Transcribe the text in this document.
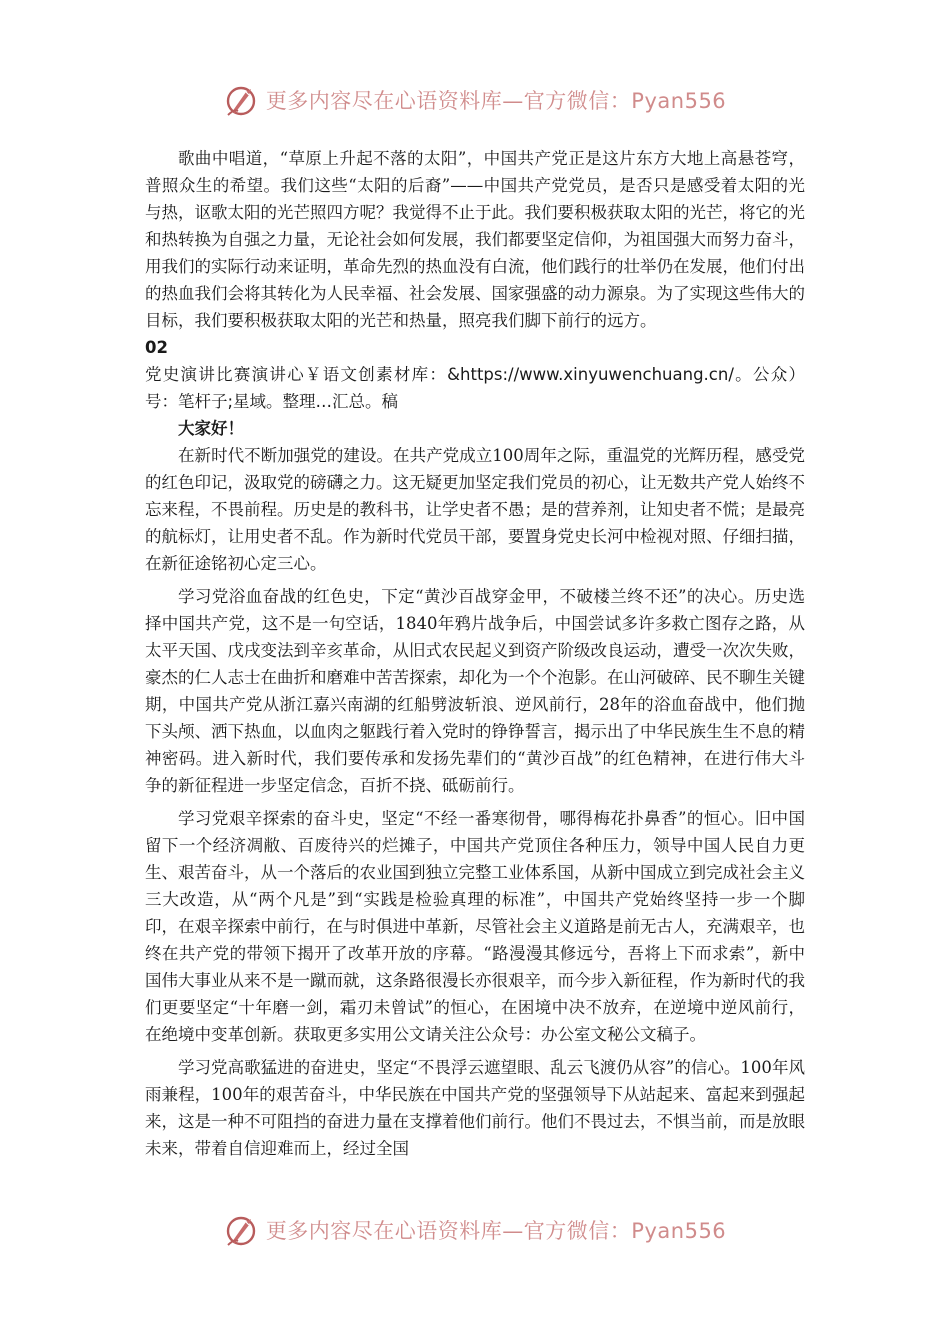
更多内容尽在心语资料库—官方微信：Pyan556

歌曲中唱道，“草原上升起不落的太阳”，中国共产党正是这片东方大地上高悬苍穹，普照众生的希望。我们这些“太阳的后裔”——中国共产党党员，是否只是感受着太阳的光与热，讴歌太阳的光芒照四方呢？我觉得不止于此。我们要积极获取太阳的光芒，将它的光和热转换为自强之力量，无论社会如何发展，我们都要坚定信仰，为祖国强大而努力奋斗，用我们的实际行动来证明，革命先烈的热血没有白流，他们践行的壮举仍在发展，他们付出的热血我们会将其转化为人民幸福、社会发展、国家强盛的动力源泉。为了实现这些伟大的目标，我们要积极获取太阳的光芒和热量，照亮我们脚下前行的远方。

02

党史演讲比赛演讲心￥语文创素材库：&https://www.xinyuwenchuang.cn/。公众）号：笔杆子;星域。整理…汇总。稿

大家好！

在新时代不断加强党的建设。在共产党成立100周年之际，重温党的光辉历程，感受党的红色印记，汲取党的磅礴之力。这无疑更加坚定我们党员的初心，让无数共产党人始终不忘来程，不畏前程。历史是的教科书，让学史者不愚；是的营养剂，让知史者不慌；是最亮的航标灯，让用史者不乱。作为新时代党员干部，要置身党史长河中检视对照、仔细扫描，在新征途铭初心定三心。

学习党浴血奋战的红色史，下定“黄沙百战穿金甲，不破楼兰终不还”的决心。历史选择中国共产党，这不是一句空话，1840年鸦片战争后，中国尝试多许多救亡图存之路，从太平天国、戊戌变法到辛亥革命，从旧式农民起义到资产阶级改良运动，遭受一次次失败，豪杰的仁人志士在曲折和磨难中苦苦探索，却化为一个个泡影。在山河破碎、民不聊生关键期，中国共产党从浙江嘉兴南湖的红船劈波斩浪、逆风前行，28年的浴血奋战中，他们抛下头颅、洒下热血，以血肉之躯践行着入党时的铮铮誓言，揭示出了中华民族生生不息的精神密码。进入新时代，我们要传承和发扬先辈们的“黄沙百战”的红色精神，在进行伟大斗争的新征程进一步坚定信念，百折不挠、砥砺前行。

学习党艰辛探索的奋斗史，坚定“不经一番寒彻骨，哪得梅花扑鼻香”的恒心。旧中国留下一个经济凋敝、百废待兴的烂摊子，中国共产党顶住各种压力，领导中国人民自力更生、艰苦奋斗，从一个落后的农业国到独立完整工业体系国，从新中国成立到完成社会主义三大改造，从“两个凡是”到“实践是检验真理的标准”，中国共产党始终坚持一步一个脚印，在艰辛探索中前行，在与时俱进中革新，尽管社会主义道路是前无古人，充满艰辛，也终在共产党的带领下揭开了改革开放的序幕。“路漫漫其修远兮，吾将上下而求索”，新中国伟大事业从来不是一蹴而就，这条路很漫长亦很艰辛，而今步入新征程，作为新时代的我们更要坚定“十年磨一剑，霜刃未曾试”的恒心，在困境中决不放弃，在逆境中逆风前行，在绝境中变革创新。获取更多实用公文请关注公众号：办公室文秘公文稿子。

学习党高歌猛进的奋进史，坚定“不畏浮云遮望眼、乱云飞渡仍从容”的信心。100年风雨兼程，100年的艰苦奋斗，中华民族在中国共产党的坚强领导下从站起来、富起来到强起来，这是一种不可阻挡的奋进力量在支撑着他们前行。他们不畏过去，不惧当前，而是放眼未来，带着自信迎难而上，经过全国

更多内容尽在心语资料库—官方微信：Pyan556
